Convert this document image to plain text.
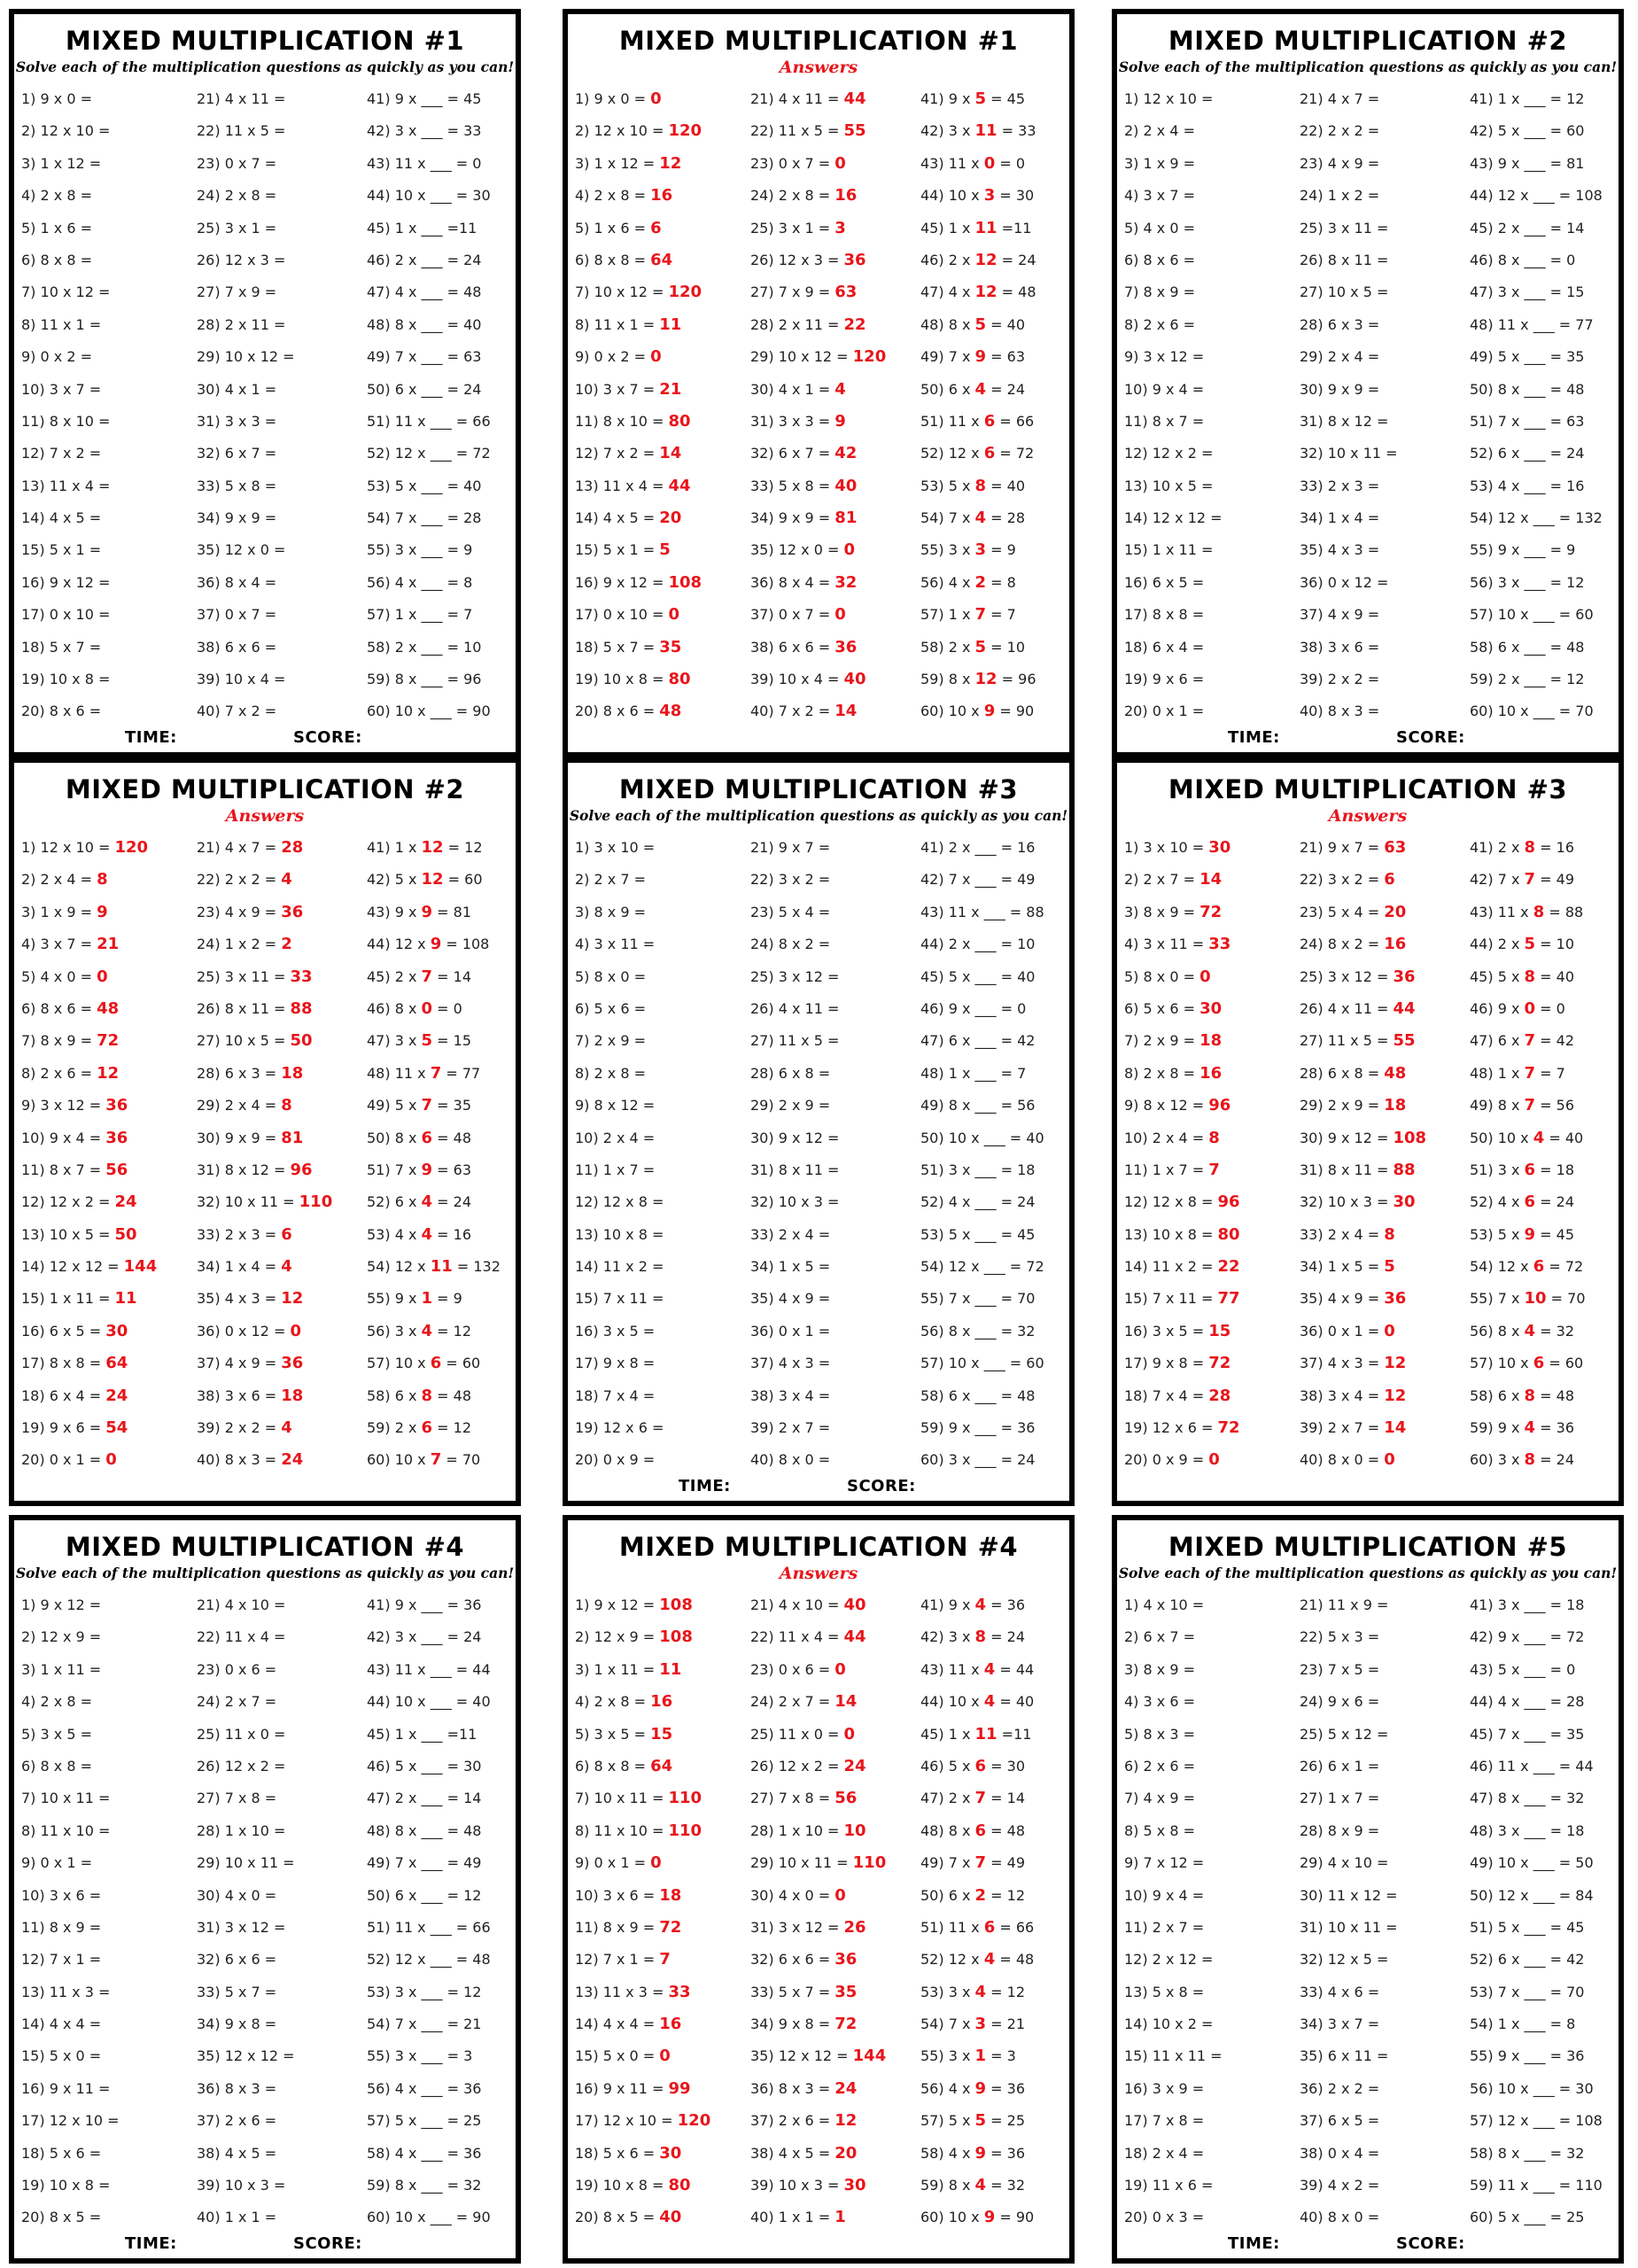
MIXED MULTIPLICATION #1
Solve each of the multiplication questions as quickly as you can!
1) 9 x 0 =
2) 12 x 10 =
3) 1 x 12 =
4) 2 x 8 =
5) 1 x 6 =
6) 8 x 8 =
7) 10 x 12 =
8) 11 x 1 =
9) 0 x 2 =
10) 3 x 7 =
11) 8 x 10 =
12) 7 x 2 =
13) 11 x 4 =
14) 4 x 5 =
15) 5 x 1 =
16) 9 x 12 =
17) 0 x 10 =
18) 5 x 7 =
19) 10 x 8 =
20) 8 x 6 =
21) 4 x 11 =
22) 11 x 5 =
23) 0 x 7 =
24) 2 x 8 =
25) 3 x 1 =
26) 12 x 3 =
27) 7 x 9 =
28) 2 x 11 =
29) 10 x 12 =
30) 4 x 1 =
31) 3 x 3 =
32) 6 x 7 =
33) 5 x 8 =
34) 9 x 9 =
35) 12 x 0 =
36) 8 x 4 =
37) 0 x 7 =
38) 6 x 6 =
39) 10 x 4 =
40) 7 x 2 =
41) 9 x ___ = 45
42) 3 x ___ = 33
43) 11 x ___ = 0
44) 10 x ___ = 30
45) 1 x ___ =11
46) 2 x ___ = 24
47) 4 x ___ = 48
48) 8 x ___ = 40
49) 7 x ___ = 63
50) 6 x ___ = 24
51) 11 x ___ = 66
52) 12 x ___ = 72
53) 5 x ___ = 40
54) 7 x ___ = 28
55) 3 x ___ = 9
56) 4 x ___ = 8
57) 1 x ___ = 7
58) 2 x ___ = 10
59) 8 x ___ = 96
60) 10 x ___ = 90
TIME:	SCORE:
MIXED MULTIPLICATION #1
Answers
1) 9 x 0 = 0
2) 12 x 10 = 120
3) 1 x 12 = 12
4) 2 x 8 = 16
5) 1 x 6 = 6
6) 8 x 8 = 64
7) 10 x 12 = 120
8) 11 x 1 = 11
9) 0 x 2 = 0
10) 3 x 7 = 21
11) 8 x 10 = 80
12) 7 x 2 = 14
13) 11 x 4 = 44
14) 4 x 5 = 20
15) 5 x 1 = 5
16) 9 x 12 = 108
17) 0 x 10 = 0
18) 5 x 7 = 35
19) 10 x 8 = 80
20) 8 x 6 = 48
21) 4 x 11 = 44
22) 11 x 5 = 55
23) 0 x 7 = 0
24) 2 x 8 = 16
25) 3 x 1 = 3
26) 12 x 3 = 36
27) 7 x 9 = 63
28) 2 x 11 = 22
29) 10 x 12 = 120
30) 4 x 1 = 4
31) 3 x 3 = 9
32) 6 x 7 = 42
33) 5 x 8 = 40
34) 9 x 9 = 81
35) 12 x 0 = 0
36) 8 x 4 = 32
37) 0 x 7 = 0
38) 6 x 6 = 36
39) 10 x 4 = 40
40) 7 x 2 = 14
41) 9 x 5 = 45
42) 3 x 11 = 33
43) 11 x 0 = 0
44) 10 x 3 = 30
45) 1 x 11 =11
46) 2 x 12 = 24
47) 4 x 12 = 48
48) 8 x 5 = 40
49) 7 x 9 = 63
50) 6 x 4 = 24
51) 11 x 6 = 66
52) 12 x 6 = 72
53) 5 x 8 = 40
54) 7 x 4 = 28
55) 3 x 3 = 9
56) 4 x 2 = 8
57) 1 x 7 = 7
58) 2 x 5 = 10
59) 8 x 12 = 96
60) 10 x 9 = 90
MIXED MULTIPLICATION #2
Solve each of the multiplication questions as quickly as you can!
1) 12 x 10 =
2) 2 x 4 =
3) 1 x 9 =
4) 3 x 7 =
5) 4 x 0 =
6) 8 x 6 =
7) 8 x 9 =
8) 2 x 6 =
9) 3 x 12 =
10) 9 x 4 =
11) 8 x 7 =
12) 12 x 2 =
13) 10 x 5 =
14) 12 x 12 =
15) 1 x 11 =
16) 6 x 5 =
17) 8 x 8 =
18) 6 x 4 =
19) 9 x 6 =
20) 0 x 1 =
21) 4 x 7 =
22) 2 x 2 =
23) 4 x 9 =
24) 1 x 2 =
25) 3 x 11 =
26) 8 x 11 =
27) 10 x 5 =
28) 6 x 3 =
29) 2 x 4 =
30) 9 x 9 =
31) 8 x 12 =
32) 10 x 11 =
33) 2 x 3 =
34) 1 x 4 =
35) 4 x 3 =
36) 0 x 12 =
37) 4 x 9 =
38) 3 x 6 =
39) 2 x 2 =
40) 8 x 3 =
41) 1 x ___ = 12
42) 5 x ___ = 60
43) 9 x ___ = 81
44) 12 x ___ = 108
45) 2 x ___ = 14
46) 8 x ___ = 0
47) 3 x ___ = 15
48) 11 x ___ = 77
49) 5 x ___ = 35
50) 8 x ___ = 48
51) 7 x ___ = 63
52) 6 x ___ = 24
53) 4 x ___ = 16
54) 12 x ___ = 132
55) 9 x ___ = 9
56) 3 x ___ = 12
57) 10 x ___ = 60
58) 6 x ___ = 48
59) 2 x ___ = 12
60) 10 x ___ = 70
TIME:	SCORE:
MIXED MULTIPLICATION #2
Answers
1) 12 x 10 = 120
2) 2 x 4 = 8
3) 1 x 9 = 9
4) 3 x 7 = 21
5) 4 x 0 = 0
6) 8 x 6 = 48
7) 8 x 9 = 72
8) 2 x 6 = 12
9) 3 x 12 = 36
10) 9 x 4 = 36
11) 8 x 7 = 56
12) 12 x 2 = 24
13) 10 x 5 = 50
14) 12 x 12 = 144
15) 1 x 11 = 11
16) 6 x 5 = 30
17) 8 x 8 = 64
18) 6 x 4 = 24
19) 9 x 6 = 54
20) 0 x 1 = 0
21) 4 x 7 = 28
22) 2 x 2 = 4
23) 4 x 9 = 36
24) 1 x 2 = 2
25) 3 x 11 = 33
26) 8 x 11 = 88
27) 10 x 5 = 50
28) 6 x 3 = 18
29) 2 x 4 = 8
30) 9 x 9 = 81
31) 8 x 12 = 96
32) 10 x 11 = 110
33) 2 x 3 = 6
34) 1 x 4 = 4
35) 4 x 3 = 12
36) 0 x 12 = 0
37) 4 x 9 = 36
38) 3 x 6 = 18
39) 2 x 2 = 4
40) 8 x 3 = 24
41) 1 x 12 = 12
42) 5 x 12 = 60
43) 9 x 9 = 81
44) 12 x 9 = 108
45) 2 x 7 = 14
46) 8 x 0 = 0
47) 3 x 5 = 15
48) 11 x 7 = 77
49) 5 x 7 = 35
50) 8 x 6 = 48
51) 7 x 9 = 63
52) 6 x 4 = 24
53) 4 x 4 = 16
54) 12 x 11 = 132
55) 9 x 1 = 9
56) 3 x 4 = 12
57) 10 x 6 = 60
58) 6 x 8 = 48
59) 2 x 6 = 12
60) 10 x 7 = 70
MIXED MULTIPLICATION #3
Solve each of the multiplication questions as quickly as you can!
1) 3 x 10 =
2) 2 x 7 =
3) 8 x 9 =
4) 3 x 11 =
5) 8 x 0 =
6) 5 x 6 =
7) 2 x 9 =
8) 2 x 8 =
9) 8 x 12 =
10) 2 x 4 =
11) 1 x 7 =
12) 12 x 8 =
13) 10 x 8 =
14) 11 x 2 =
15) 7 x 11 =
16) 3 x 5 =
17) 9 x 8 =
18) 7 x 4 =
19) 12 x 6 =
20) 0 x 9 =
21) 9 x 7 =
22) 3 x 2 =
23) 5 x 4 =
24) 8 x 2 =
25) 3 x 12 =
26) 4 x 11 =
27) 11 x 5 =
28) 6 x 8 =
29) 2 x 9 =
30) 9 x 12 =
31) 8 x 11 =
32) 10 x 3 =
33) 2 x 4 =
34) 1 x 5 =
35) 4 x 9 =
36) 0 x 1 =
37) 4 x 3 =
38) 3 x 4 =
39) 2 x 7 =
40) 8 x 0 =
41) 2 x ___ = 16
42) 7 x ___ = 49
43) 11 x ___ = 88
44) 2 x ___ = 10
45) 5 x ___ = 40
46) 9 x ___ = 0
47) 6 x ___ = 42
48) 1 x ___ = 7
49) 8 x ___ = 56
50) 10 x ___ = 40
51) 3 x ___ = 18
52) 4 x ___ = 24
53) 5 x ___ = 45
54) 12 x ___ = 72
55) 7 x ___ = 70
56) 8 x ___ = 32
57) 10 x ___ = 60
58) 6 x ___ = 48
59) 9 x ___ = 36
60) 3 x ___ = 24
TIME:	SCORE:
MIXED MULTIPLICATION #3
Answers
1) 3 x 10 = 30
2) 2 x 7 = 14
3) 8 x 9 = 72
4) 3 x 11 = 33
5) 8 x 0 = 0
6) 5 x 6 = 30
7) 2 x 9 = 18
8) 2 x 8 = 16
9) 8 x 12 = 96
10) 2 x 4 = 8
11) 1 x 7 = 7
12) 12 x 8 = 96
13) 10 x 8 = 80
14) 11 x 2 = 22
15) 7 x 11 = 77
16) 3 x 5 = 15
17) 9 x 8 = 72
18) 7 x 4 = 28
19) 12 x 6 = 72
20) 0 x 9 = 0
21) 9 x 7 = 63
22) 3 x 2 = 6
23) 5 x 4 = 20
24) 8 x 2 = 16
25) 3 x 12 = 36
26) 4 x 11 = 44
27) 11 x 5 = 55
28) 6 x 8 = 48
29) 2 x 9 = 18
30) 9 x 12 = 108
31) 8 x 11 = 88
32) 10 x 3 = 30
33) 2 x 4 = 8
34) 1 x 5 = 5
35) 4 x 9 = 36
36) 0 x 1 = 0
37) 4 x 3 = 12
38) 3 x 4 = 12
39) 2 x 7 = 14
40) 8 x 0 = 0
41) 2 x 8 = 16
42) 7 x 7 = 49
43) 11 x 8 = 88
44) 2 x 5 = 10
45) 5 x 8 = 40
46) 9 x 0 = 0
47) 6 x 7 = 42
48) 1 x 7 = 7
49) 8 x 7 = 56
50) 10 x 4 = 40
51) 3 x 6 = 18
52) 4 x 6 = 24
53) 5 x 9 = 45
54) 12 x 6 = 72
55) 7 x 10 = 70
56) 8 x 4 = 32
57) 10 x 6 = 60
58) 6 x 8 = 48
59) 9 x 4 = 36
60) 3 x 8 = 24
MIXED MULTIPLICATION #4
Solve each of the multiplication questions as quickly as you can!
1) 9 x 12 =
2) 12 x 9 =
3) 1 x 11 =
4) 2 x 8 =
5) 3 x 5 =
6) 8 x 8 =
7) 10 x 11 =
8) 11 x 10 =
9) 0 x 1 =
10) 3 x 6 =
11) 8 x 9 =
12) 7 x 1 =
13) 11 x 3 =
14) 4 x 4 =
15) 5 x 0 =
16) 9 x 11 =
17) 12 x 10 =
18) 5 x 6 =
19) 10 x 8 =
20) 8 x 5 =
21) 4 x 10 =
22) 11 x 4 =
23) 0 x 6 =
24) 2 x 7 =
25) 11 x 0 =
26) 12 x 2 =
27) 7 x 8 =
28) 1 x 10 =
29) 10 x 11 =
30) 4 x 0 =
31) 3 x 12 =
32) 6 x 6 =
33) 5 x 7 =
34) 9 x 8 =
35) 12 x 12 =
36) 8 x 3 =
37) 2 x 6 =
38) 4 x 5 =
39) 10 x 3 =
40) 1 x 1 =
41) 9 x ___ = 36
42) 3 x ___ = 24
43) 11 x ___ = 44
44) 10 x ___ = 40
45) 1 x ___ =11
46) 5 x ___ = 30
47) 2 x ___ = 14
48) 8 x ___ = 48
49) 7 x ___ = 49
50) 6 x ___ = 12
51) 11 x ___ = 66
52) 12 x ___ = 48
53) 3 x ___ = 12
54) 7 x ___ = 21
55) 3 x ___ = 3
56) 4 x ___ = 36
57) 5 x ___ = 25
58) 4 x ___ = 36
59) 8 x ___ = 32
60) 10 x ___ = 90
TIME:	SCORE:
MIXED MULTIPLICATION #4
Answers
1) 9 x 12 = 108
2) 12 x 9 = 108
3) 1 x 11 = 11
4) 2 x 8 = 16
5) 3 x 5 = 15
6) 8 x 8 = 64
7) 10 x 11 = 110
8) 11 x 10 = 110
9) 0 x 1 = 0
10) 3 x 6 = 18
11) 8 x 9 = 72
12) 7 x 1 = 7
13) 11 x 3 = 33
14) 4 x 4 = 16
15) 5 x 0 = 0
16) 9 x 11 = 99
17) 12 x 10 = 120
18) 5 x 6 = 30
19) 10 x 8 = 80
20) 8 x 5 = 40
21) 4 x 10 = 40
22) 11 x 4 = 44
23) 0 x 6 = 0
24) 2 x 7 = 14
25) 11 x 0 = 0
26) 12 x 2 = 24
27) 7 x 8 = 56
28) 1 x 10 = 10
29) 10 x 11 = 110
30) 4 x 0 = 0
31) 3 x 12 = 26
32) 6 x 6 = 36
33) 5 x 7 = 35
34) 9 x 8 = 72
35) 12 x 12 = 144
36) 8 x 3 = 24
37) 2 x 6 = 12
38) 4 x 5 = 20
39) 10 x 3 = 30
40) 1 x 1 = 1
41) 9 x 4 = 36
42) 3 x 8 = 24
43) 11 x 4 = 44
44) 10 x 4 = 40
45) 1 x 11 =11
46) 5 x 6 = 30
47) 2 x 7 = 14
48) 8 x 6 = 48
49) 7 x 7 = 49
50) 6 x 2 = 12
51) 11 x 6 = 66
52) 12 x 4 = 48
53) 3 x 4 = 12
54) 7 x 3 = 21
55) 3 x 1 = 3
56) 4 x 9 = 36
57) 5 x 5 = 25
58) 4 x 9 = 36
59) 8 x 4 = 32
60) 10 x 9 = 90
MIXED MULTIPLICATION #5
Solve each of the multiplication questions as quickly as you can!
1) 4 x 10 =
2) 6 x 7 =
3) 8 x 9 =
4) 3 x 6 =
5) 8 x 3 =
6) 2 x 6 =
7) 4 x 9 =
8) 5 x 8 =
9) 7 x 12 =
10) 9 x 4 =
11) 2 x 7 =
12) 2 x 12 =
13) 5 x 8 =
14) 10 x 2 =
15) 11 x 11 =
16) 3 x 9 =
17) 7 x 8 =
18) 2 x 4 =
19) 11 x 6 =
20) 0 x 3 =
21) 11 x 9 =
22) 5 x 3 =
23) 7 x 5 =
24) 9 x 6 =
25) 5 x 12 =
26) 6 x 1 =
27) 1 x 7 =
28) 8 x 9 =
29) 4 x 10 =
30) 11 x 12 =
31) 10 x 11 =
32) 12 x 5 =
33) 4 x 6 =
34) 3 x 7 =
35) 6 x 11 =
36) 2 x 2 =
37) 6 x 5 =
38) 0 x 4 =
39) 4 x 2 =
40) 8 x 0 =
41) 3 x ___ = 18
42) 9 x ___ = 72
43) 5 x ___ = 0
44) 4 x ___ = 28
45) 7 x ___ = 35
46) 11 x ___ = 44
47) 8 x ___ = 32
48) 3 x ___ = 18
49) 10 x ___ = 50
50) 12 x ___ = 84
51) 5 x ___ = 45
52) 6 x ___ = 42
53) 7 x ___ = 70
54) 1 x ___ = 8
55) 9 x ___ = 36
56) 10 x ___ = 30
57) 12 x ___ = 108
58) 8 x ___ = 32
59) 11 x ___ = 110
60) 5 x ___ = 25
TIME:	SCORE:
